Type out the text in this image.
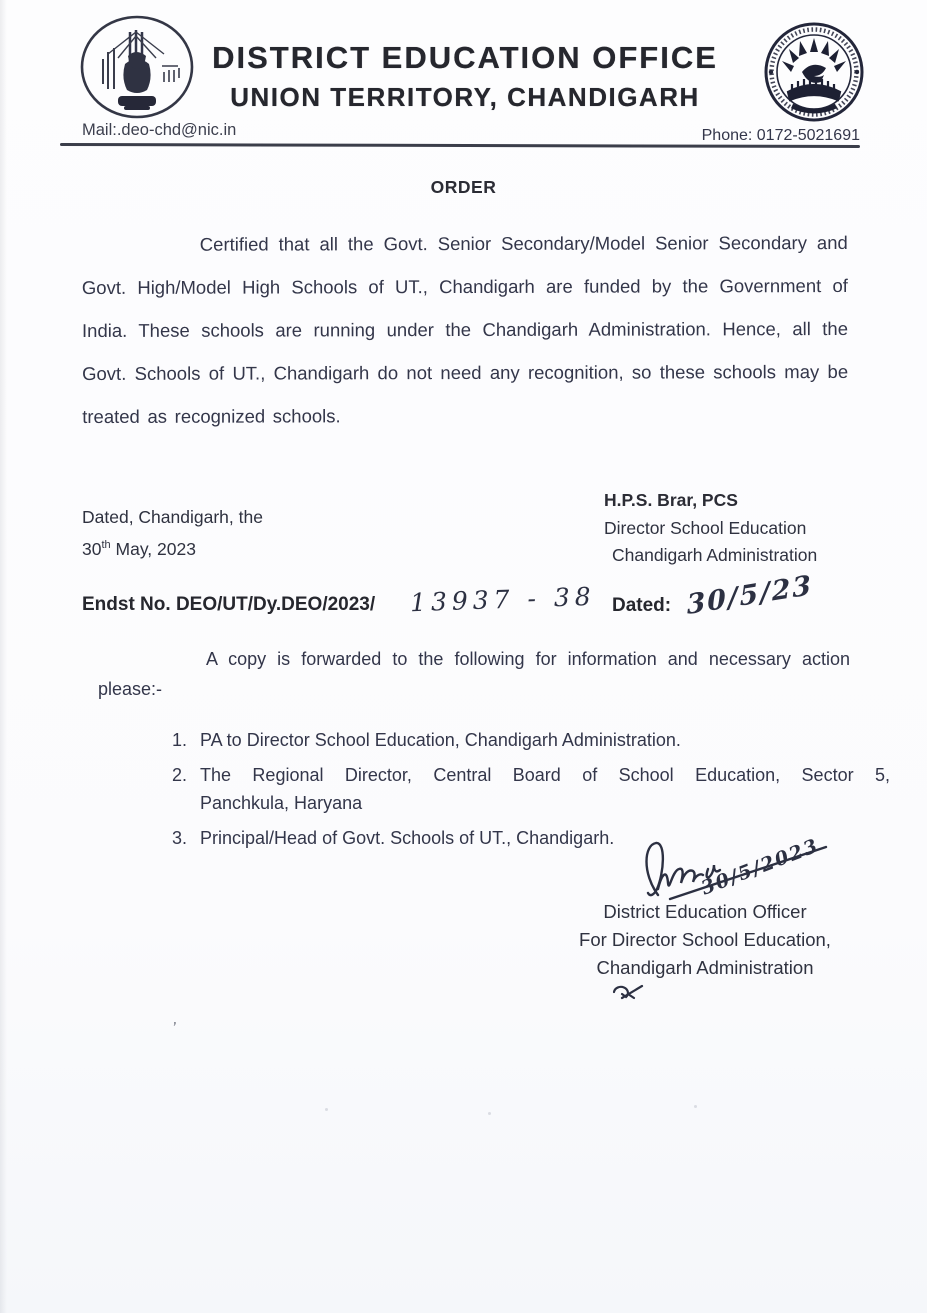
DISTRICT EDUCATION OFFICE
UNION TERRITORY, CHANDIGARH
Mail:.deo-chd@nic.in	Phone: 0172-5021691
ORDER
Certified that all the Govt. Senior Secondary/Model Senior Secondary and Govt. High/Model High Schools of UT., Chandigarh are funded by the Government of India. These schools are running under the Chandigarh Administration. Hence, all the Govt. Schools of UT., Chandigarh do not need any recognition, so these schools may be treated as recognized schools.
Dated, Chandigarh, the
30th May, 2023
H.P.S. Brar, PCS
Director School Education
Chandigarh Administration
Endst No. DEO/UT/Dy.DEO/2023/ 13937 - 38 Dated: 30/5/23
A copy is forwarded to the following for information and necessary action please:-
1. PA to Director School Education, Chandigarh Administration.
2. The Regional Director, Central Board of School Education, Sector 5,
Panchkula, Haryana
3. Principal/Head of Govt. Schools of UT., Chandigarh.	30/5/2023
District Education Officer
For Director School Education,
Chandigarh Administration
’
